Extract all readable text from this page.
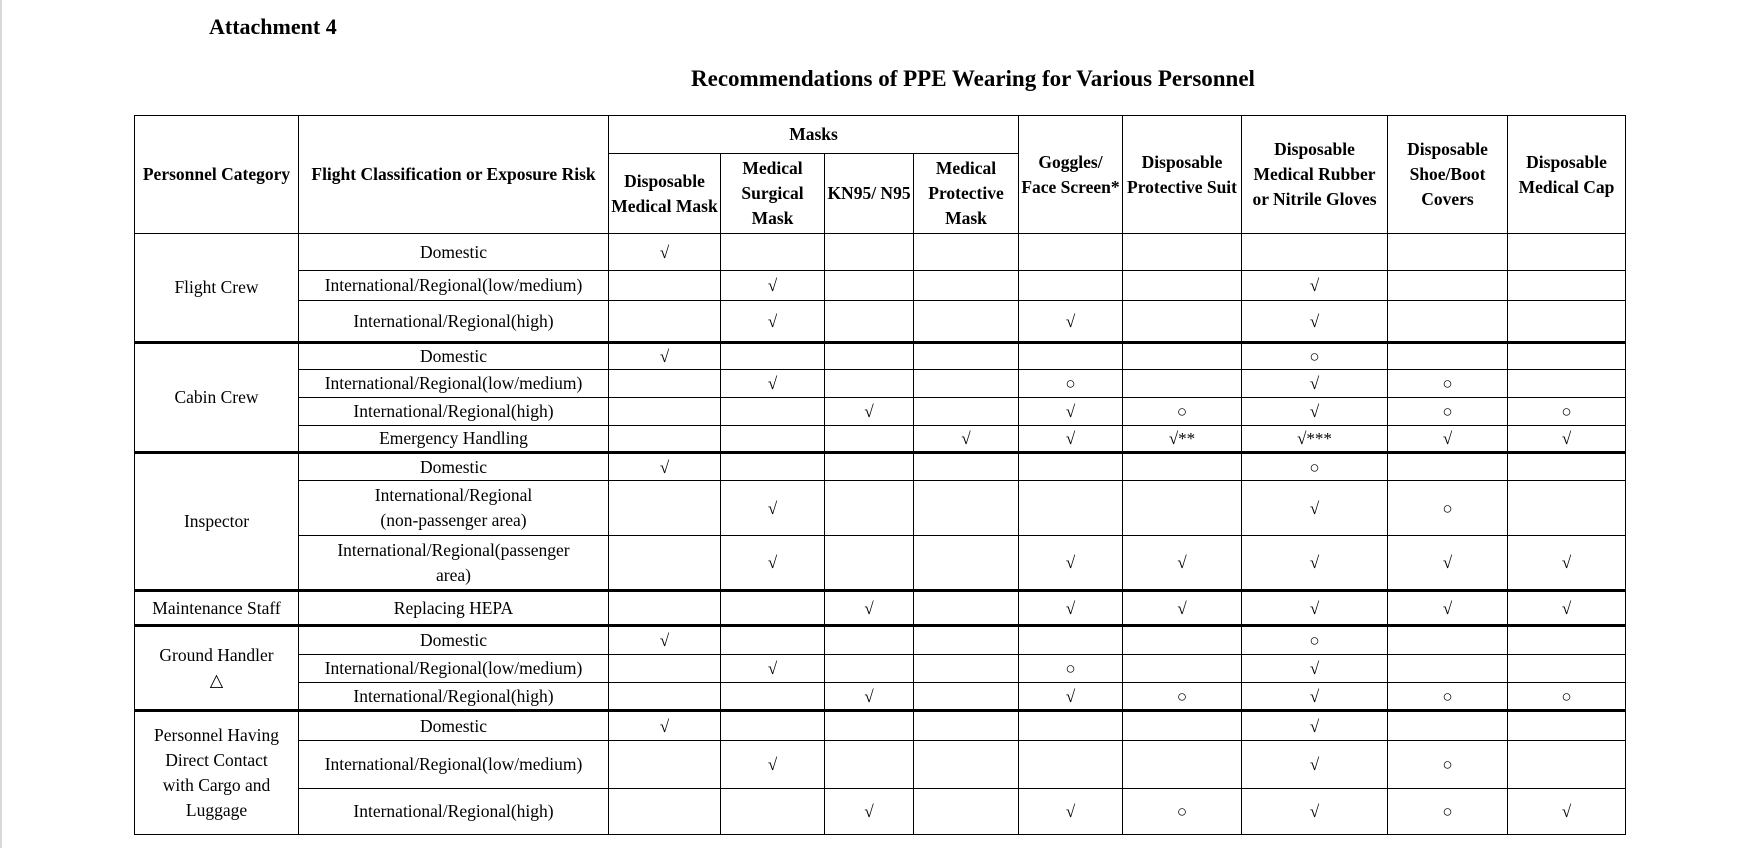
Attachment 4
Recommendations of PPE Wearing for Various Personnel
Personnel Category	Flight Classification or Exposure Risk	Masks				Goggles/ Face Screen*	Disposable Protective Suit	Disposable Medical Rubber or Nitrile Gloves	Disposable Shoe/Boot Covers	Disposable Medical Cap
		Disposable Medical Mask	Medical Surgical Mask	KN95/ N95	Medical Protective Mask					
Flight Crew	Domestic	√								
	International/Regional(low/medium)		√					√		
	International/Regional(high)		√			√		√		
Cabin Crew	Domestic	√						○		
	International/Regional(low/medium)		√			○		√	○	
	International/Regional(high)			√		√	○	√	○	○
	Emergency Handling				√	√	√**	√***	√	√
Inspector	Domestic	√						○		
	International/Regional
(non-passenger area)		√					√	○	
	International/Regional(passenger
area)		√			√	√	√	√	√
Maintenance Staff	Replacing HEPA			√		√	√	√	√	√
Ground Handler
△	Domestic	√						○		
	International/Regional(low/medium)		√			○		√		
	International/Regional(high)			√		√	○	√	○	○
Personnel Having
Direct Contact
with Cargo and
Luggage	Domestic	√						√		
	International/Regional(low/medium)		√					√	○	
	International/Regional(high)			√		√	○	√	○	√
